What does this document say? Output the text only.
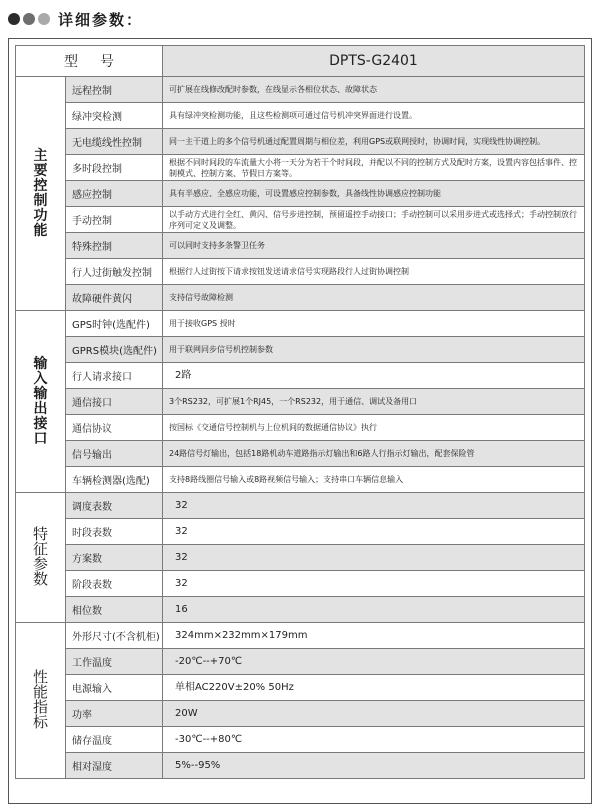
详细参数：
型号		DPTS-G2401
主要控制功能	远程控制	可扩展在线修改配时参数，在线显示各相位状态、故障状态
	绿冲突检测	具有绿冲突检测功能，且这些检测项可通过信号机冲突界面进行设置。
	无电缆线性控制	同一主干道上的多个信号机通过配置周期与相位差，利用GPS或联网授时，协调时间，实现线性协调控制。
	多时段控制	根据不同时间段的车流量大小将一天分为若干个时间段，并配以不同的控制方式及配时方案，设置内容包括事件、控制模式、控制方案、节假日方案等。
	感应控制	具有半感应、全感应功能，可设置感应控制参数，具备线性协调感应控制功能
	手动控制	以手动方式进行全红、黄闪、信号步进控制，预留遥控手动接口；手动控制可以采用步进式或选择式；手动控制放行序列可定义及调整。
	特殊控制	可以同时支持多条警卫任务
	行人过街触发控制	根据行人过街按下请求按钮发送请求信号实现路段行人过街协调控制
	故障硬件黄闪	支持信号故障检测
输入输出接口	GPS时钟(选配件)	用于接收GPS 授时
	GPRS模块(选配件)	用于联网同步信号机控制参数
	行人请求接口	2路
	通信接口	3个RS232，可扩展1个RJ45，一个RS232，用于通信、调试及备用口
	通信协议	按国标《交通信号控制机与上位机间的数据通信协议》执行
	信号输出	24路信号灯输出，包括18路机动车道路指示灯输出和6路人行指示灯输出，配套保险管
	车辆检测器(选配)	支持8路线圈信号输入或8路视频信号输入；支持串口车辆信息输入
特征参数	调度表数	32
	时段表数	32
	方案数	32
	阶段表数	32
	相位数	16
性能指标	外形尺寸(不含机柜)	324mm×232mm×179mm
	工作温度	-20℃--+70℃
	电源输入	单相AC220V±20% 50Hz
	功率	20W
	储存温度	-30℃--+80℃
	相对湿度	5%--95%
